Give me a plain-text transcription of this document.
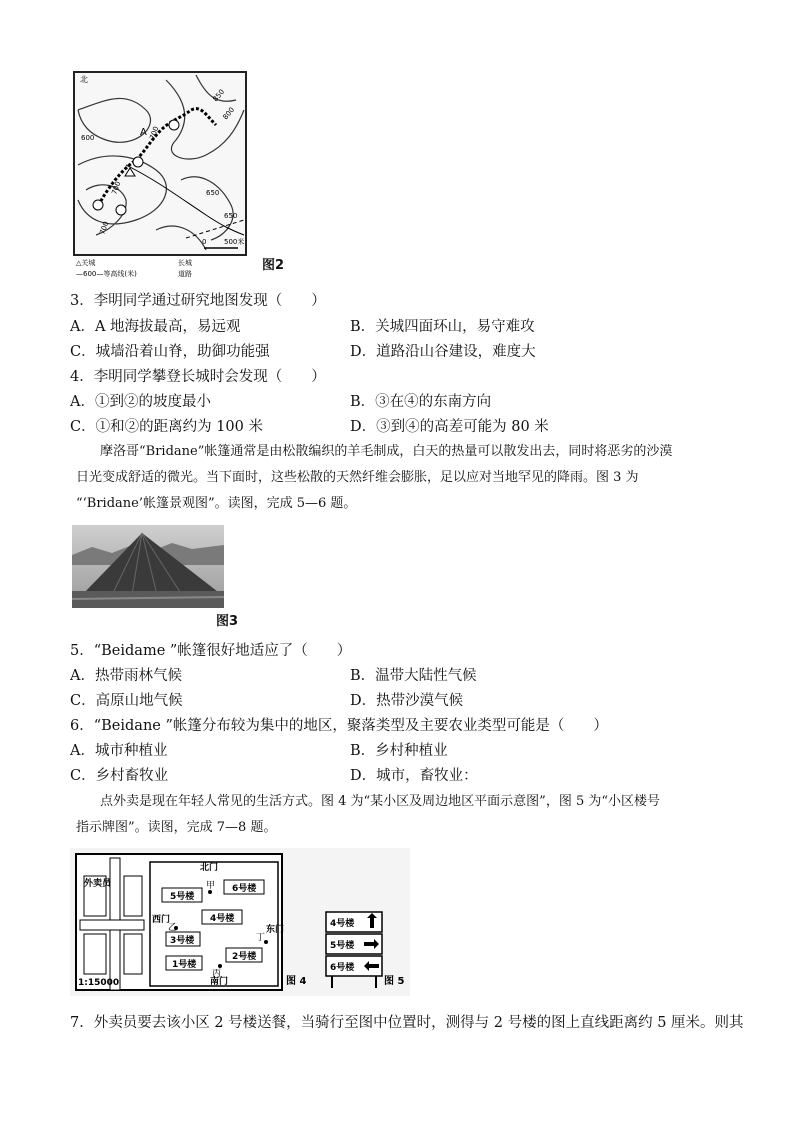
北
A
850
800
700
650
600
650
700
700
0	500米
△关城	长城
—600—等高线(米)	道路
图2
3．李明同学通过研究地图发现（　　）
A．A 地海拔最高，易远观	B．关城四面环山，易守难攻
C．城墙沿着山脊，助御功能强	D．道路沿山谷建设，难度大
4．李明同学攀登长城时会发现（　　）
A．①到②的坡度最小	B．③在④的东南方向
C．①和②的距离约为 100 米	D．③到④的高差可能为 80 米
摩洛哥“Bridane”帐篷通常是由松散编织的羊毛制成，白天的热量可以散发出去，同时将恶劣的沙漠
日光变成舒适的微光。当下面时，这些松散的天然纤维会膨胀，足以应对当地罕见的降雨。图 3 为
“‘Bridane’帐篷景观图”。读图，完成 5—6 题。
图3
5．“Beidame ”帐篷很好地适应了（　　）
A．热带雨林气候	B．温带大陆性气候
C．高原山地气候	D．热带沙漠气候
6．“Beidane ”帐篷分布较为集中的地区，聚落类型及主要农业类型可能是（　　）
A．城市种植业	B．乡村种植业
C．乡村畜牧业	D．城市，畜牧业：
点外卖是现在年轻人常见的生活方式。图 4 为“某小区及周边地区平面示意图”，图 5 为“小区楼号
指示牌图”。读图，完成 7—8 题。
外卖员
北门
西门
东门
南门
甲
乙
丙
丁
5号楼
6号楼
4号楼
3号楼
2号楼
1号楼
1:15000	图 4
4号楼
5号楼
6号楼
图 5
7．外卖员要去该小区 2 号楼送餐，当骑行至图中位置时，测得与 2 号楼的图上直线距离约 5 厘米。则其
